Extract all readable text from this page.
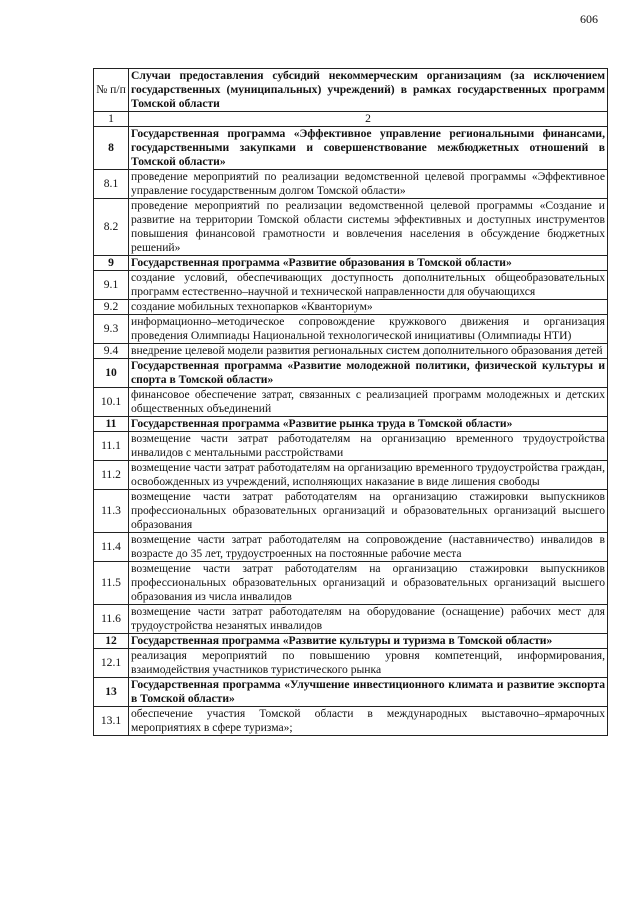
606
№ п/п	Случаи предоставления субсидий некоммерческим организациям (за исключением государственных (муниципальных) учреждений) в рамках государственных программ Томской области
1	2
8	Государственная программа «Эффективное управление региональными финансами, государственными закупками и совершенствование межбюджетных отношений в Томской области»
8.1	проведение мероприятий по реализации ведомственной целевой программы «Эффективное управление государственным долгом Томской области»
8.2	проведение мероприятий по реализации ведомственной целевой программы «Создание и развитие на территории Томской области системы эффективных и доступных инструментов повышения финансовой грамотности и вовлечения населения в обсуждение бюджетных решений»
9	Государственная программа «Развитие образования в Томской области»
9.1	создание условий, обеспечивающих доступность дополнительных общеобразовательных программ естественно–научной и технической направленности для обучающихся
9.2	создание мобильных технопарков «Кванториум»
9.3	информационно–методическое сопровождение кружкового движения и организация проведения Олимпиады Национальной технологической инициативы (Олимпиады НТИ)
9.4	внедрение целевой модели развития региональных систем дополнительного образования детей
10	Государственная программа «Развитие молодежной политики, физической культуры и спорта в Томской области»
10.1	финансовое обеспечение затрат, связанных с реализацией программ молодежных и детских общественных объединений
11	Государственная программа «Развитие рынка труда в Томской области»
11.1	возмещение части затрат работодателям на организацию временного трудоустройства инвалидов с ментальными расстройствами
11.2	возмещение части затрат работодателям на организацию временного трудоустройства граждан, освобожденных из учреждений, исполняющих наказание в виде лишения свободы
11.3	возмещение части затрат работодателям на организацию стажировки выпускников профессиональных образовательных организаций и образовательных организаций высшего образования
11.4	возмещение части затрат работодателям на сопровождение (наставничество) инвалидов в возрасте до 35 лет, трудоустроенных на постоянные рабочие места
11.5	возмещение части затрат работодателям на организацию стажировки выпускников профессиональных образовательных организаций и образовательных организаций высшего образования из числа инвалидов
11.6	возмещение части затрат работодателям на оборудование (оснащение) рабочих мест для трудоустройства незанятых инвалидов
12	Государственная программа «Развитие культуры и туризма в Томской области»
12.1	реализация мероприятий по повышению уровня компетенций, информирования, взаимодействия участников туристического рынка
13	Государственная программа «Улучшение инвестиционного климата и развитие экспорта в Томской области»
13.1	обеспечение участия Томской области в международных выставочно–ярмарочных мероприятиях в сфере туризма»;
